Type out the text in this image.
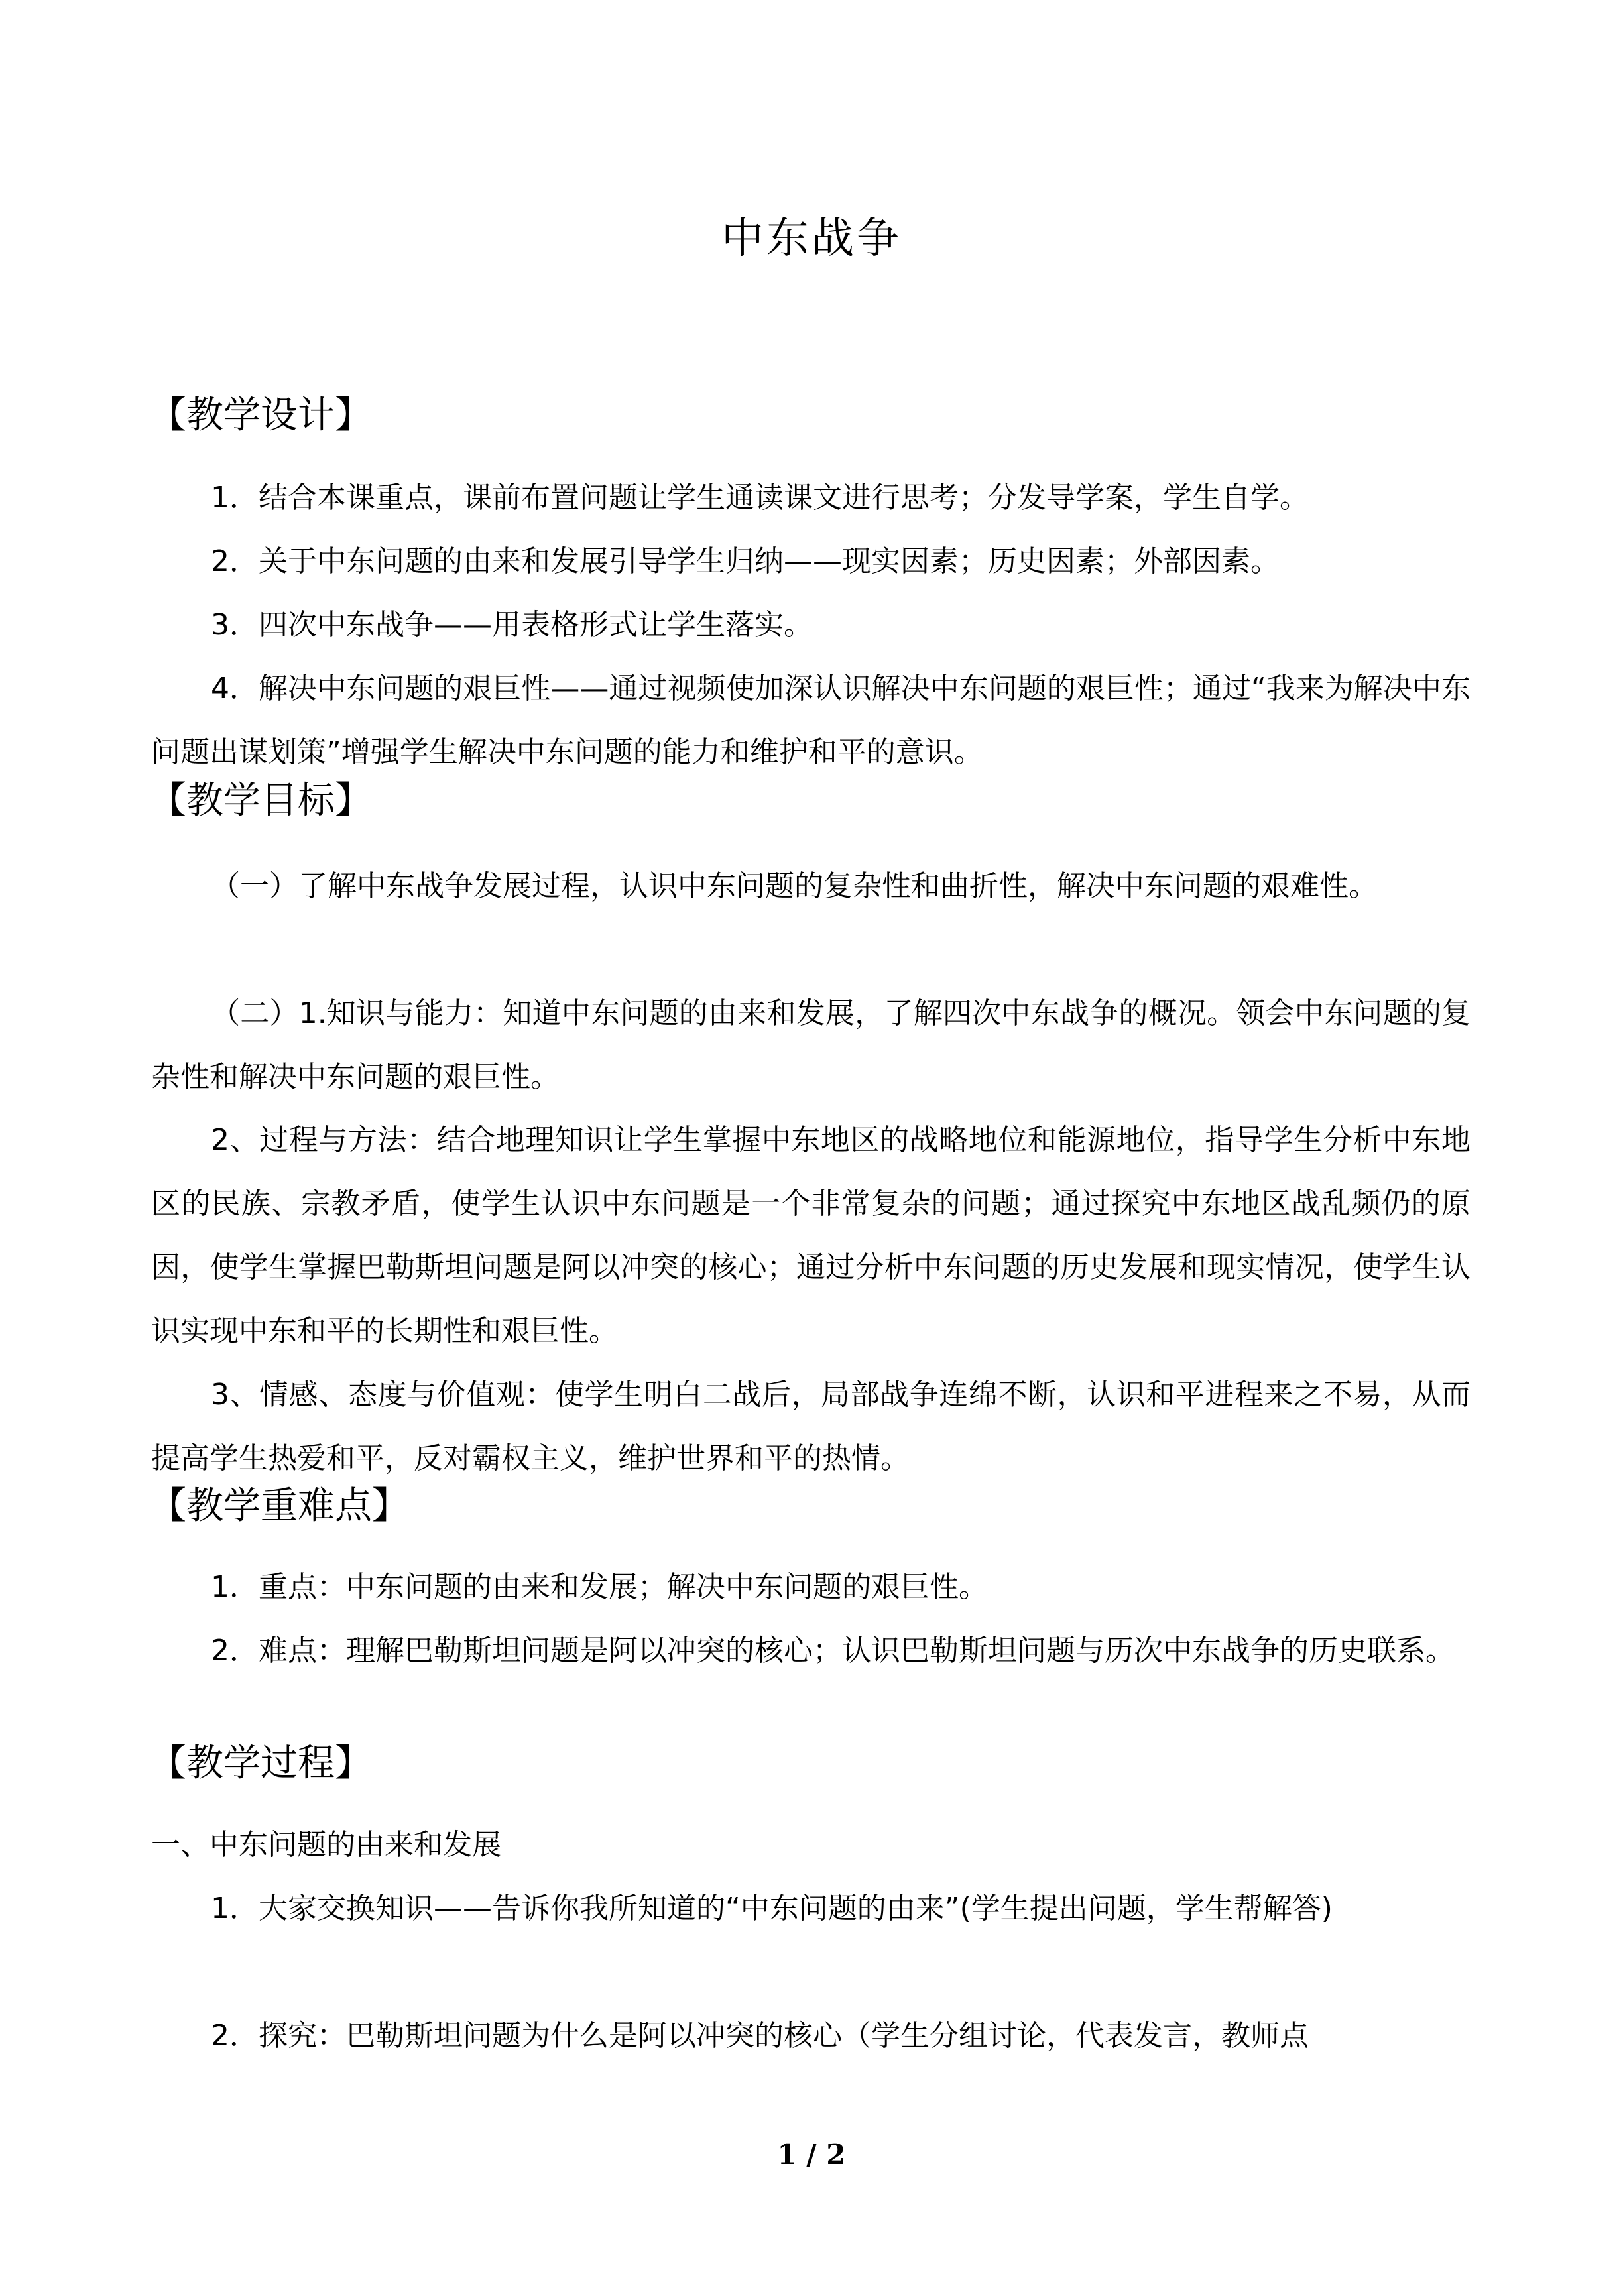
中东战争
【教学设计】
1．结合本课重点，课前布置问题让学生通读课文进行思考；分发导学案，学生自学。
2．关于中东问题的由来和发展引导学生归纳——现实因素；历史因素；外部因素。
3．四次中东战争——用表格形式让学生落实。
4．解决中东问题的艰巨性——通过视频使加深认识解决中东问题的艰巨性；通过“我来为解决中东问题出谋划策”增强学生解决中东问题的能力和维护和平的意识。
【教学目标】
（一）了解中东战争发展过程，认识中东问题的复杂性和曲折性，解决中东问题的艰难性。
（二）1.知识与能力：知道中东问题的由来和发展，了解四次中东战争的概况。领会中东问题的复杂性和解决中东问题的艰巨性。
2、过程与方法：结合地理知识让学生掌握中东地区的战略地位和能源地位，指导学生分析中东地区的民族、宗教矛盾，使学生认识中东问题是一个非常复杂的问题；通过探究中东地区战乱频仍的原因，使学生掌握巴勒斯坦问题是阿以冲突的核心；通过分析中东问题的历史发展和现实情况，使学生认识实现中东和平的长期性和艰巨性。
3、情感、态度与价值观：使学生明白二战后，局部战争连绵不断，认识和平进程来之不易，从而提高学生热爱和平，反对霸权主义，维护世界和平的热情。
【教学重难点】
1．重点：中东问题的由来和发展；解决中东问题的艰巨性。
2．难点：理解巴勒斯坦问题是阿以冲突的核心；认识巴勒斯坦问题与历次中东战争的历史联系。
【教学过程】
一、中东问题的由来和发展
1．大家交换知识——告诉你我所知道的“中东问题的由来”(学生提出问题，学生帮解答)
2．探究：巴勒斯坦问题为什么是阿以冲突的核心（学生分组讨论，代表发言，教师点
1 / 2
